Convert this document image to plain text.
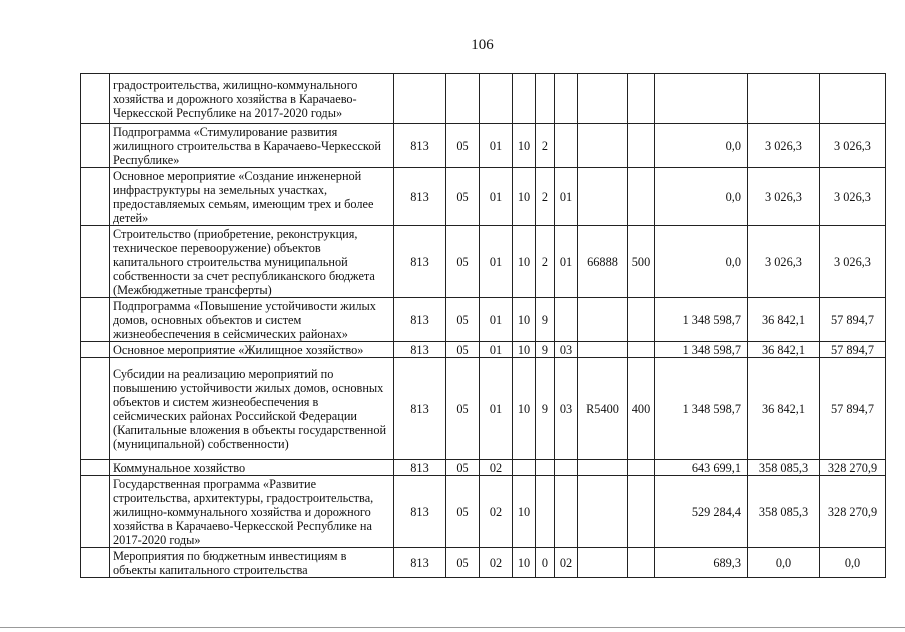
106
	градостроительства, жилищно-коммунального хозяйства и дорожного хозяйства в Карачаево-Черкесской Республике на 2017-2020 годы»											
	Подпрограмма «Стимулирование развития жилищного строительства в Карачаево-Черкесской Республике»	813	05	01	10	2				0,0	3 026,3	3 026,3
	Основное мероприятие «Создание инженерной инфраструктуры на земельных участках, предоставляемых семьям, имеющим трех и более детей»	813	05	01	10	2	01			0,0	3 026,3	3 026,3
	Строительство (приобретение, реконструкция, техническое перевооружение) объектов капитального строительства муниципальной собственности за счет республиканского бюджета (Межбюджетные трансферты)	813	05	01	10	2	01	66888	500	0,0	3 026,3	3 026,3
	Подпрограмма «Повышение устойчивости жилых домов, основных объектов и систем жизнеобеспечения в сейсмических районах»	813	05	01	10	9				1 348 598,7	36 842,1	57 894,7
	Основное мероприятие «Жилищное хозяйство»	813	05	01	10	9	03			1 348 598,7	36 842,1	57 894,7
	Субсидии на реализацию мероприятий по повышению устойчивости жилых домов, основных объектов и систем жизнеобеспечения в сейсмических районах Российской Федерации (Капитальные вложения в объекты государственной (муниципальной) собственности)	813	05	01	10	9	03	R5400	400	1 348 598,7	36 842,1	57 894,7
	Коммунальное хозяйство	813	05	02						643 699,1	358 085,3	328 270,9
	Государственная программа «Развитие строительства, архитектуры, градостроительства, жилищно-коммунального хозяйства и дорожного хозяйства в Карачаево-Черкесской Республике на 2017-2020 годы»	813	05	02	10					529 284,4	358 085,3	328 270,9
	Мероприятия по бюджетным инвестициям в объекты капитального строительства	813	05	02	10	0	02			689,3	0,0	0,0
